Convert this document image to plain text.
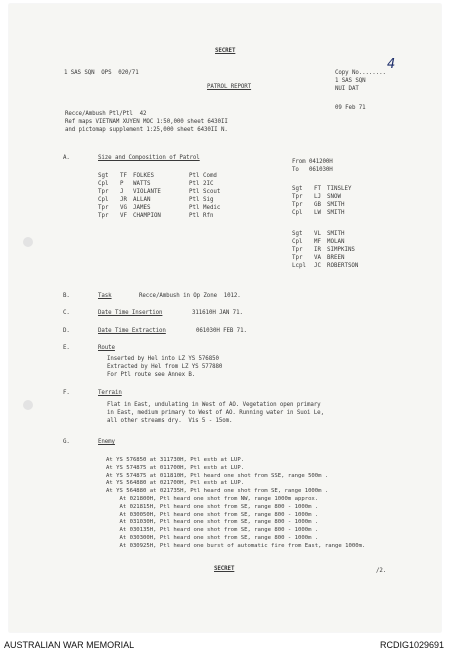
SECRET
1 SAS SQN  OPS  020/71
PATROL REPORT
Copy No........
1 SAS SQN
NUI DAT
09 Feb 71
Recce/Ambush Ptl/Ptl  42
Ref maps VIETNAM XUYEN MOC 1:50,000 sheet 6430II
and pictomap supplement 1:25,000 sheet 6430II N.
A.	Size and Composition of Patrol
From 041200H
To   061030H
Sgt	TF	FOLKES	Ptl Comd
Cpl	P	WATTS	Ptl 2IC
Tpr	J	VIOLANTE	Ptl Scout
Cpl	JR	ALLAN	Ptl Sig
Tpr	VG	JAMES	Ptl Medic
Tpr	VF	CHAMPION	Ptl Rfn
Sgt	FT	TINSLEY
Tpr	LJ	SNOW
Tpr	GB	SMITH
Cpl	LW	SMITH
Sgt	VL	SMITH
Cpl	MF	MOLAN
Tpr	IR	SIMPKINS
Tpr	VA	BREEN
Lcpl	JC	ROBERTSON
B.	Task	Recce/Ambush in Op Zone  1012.
C.	Date Time Insertion	311610H JAN 71.
D.	Date Time Extraction	061030H FEB 71.
E.	Route
Inserted by Hel into LZ YS 576850
Extracted by Hel from LZ YS 577880
For Ptl route see Annex B.
F.	Terrain
Flat in East, undulating in West of AO. Vegetation open primary
in East, medium primary to West of AO. Running water in Suoi Le,
all other streams dry.  Vis 5 - 15om.
G.	Enemy
At YS 576850 at 311730H, Ptl estb at LUP.
At YS 574875 at 011700H, Ptl estb at LUP.
At YS 574875 at 011810H, Ptl heard one shot from SSE, range 500m .
At YS 564880 at 021700H, Ptl estb at LUP.
At YS 564880 at 021735H, Ptl heard one shot from SE, range 1000m .
At 021800H, Ptl heard one shot from NW, range 1000m approx.
At 021815H, Ptl heard one shot from SE, range 800 - 1000m .
At 030050H, Ptl heard one shot from SE, range 800 - 1000m .
At 031030H, Ptl heard one shot from SE, range 800 - 1000m .
At 030135H, Ptl heard one shot from SE, range 800 - 1000m .
At 030300H, Ptl heard one shot from SE, range 800 - 1000m .
At 030925H, Ptl heard one burst of automatic fire from East, range 1000m.
SECRET	/2.
4
AUSTRALIAN WAR MEMORIAL	RCDIG1029691
